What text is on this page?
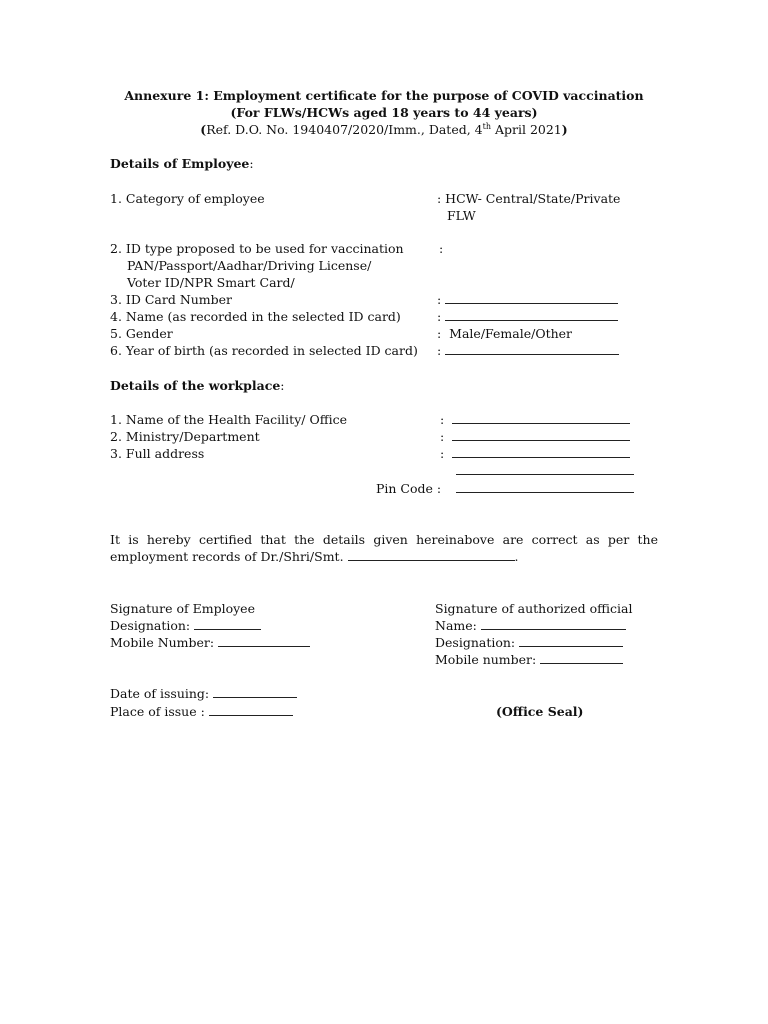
Annexure 1: Employment certificate for the purpose of COVID vaccination
(For FLWs/HCWs aged 18 years to 44 years)
(Ref. D.O. No. 1940407/2020/Imm., Dated, 4th April 2021)
Details of Employee:
1. Category of employee	: HCW- Central/State/Private
FLW
2. ID type proposed to be used for vaccination	:
PAN/Passport/Aadhar/Driving License/
Voter ID/NPR Smart Card/
3. ID Card Number	:
4. Name (as recorded in the selected ID card)	:
5. Gender	: Male/Female/Other
6. Year of birth (as recorded in selected ID card) :
Details of the workplace:
1. Name of the Health Facility/ Office	:
2. Ministry/Department	:
3. Full address	:
Pin Code :
It is hereby certified that the details given hereinabove are correct as per the
employment records of Dr./Shri/Smt.	.
Signature of Employee
Designation:
Mobile Number:
Signature of authorized official
Name:
Designation:
Mobile number:
Date of issuing:
Place of issue :	(Office Seal)
